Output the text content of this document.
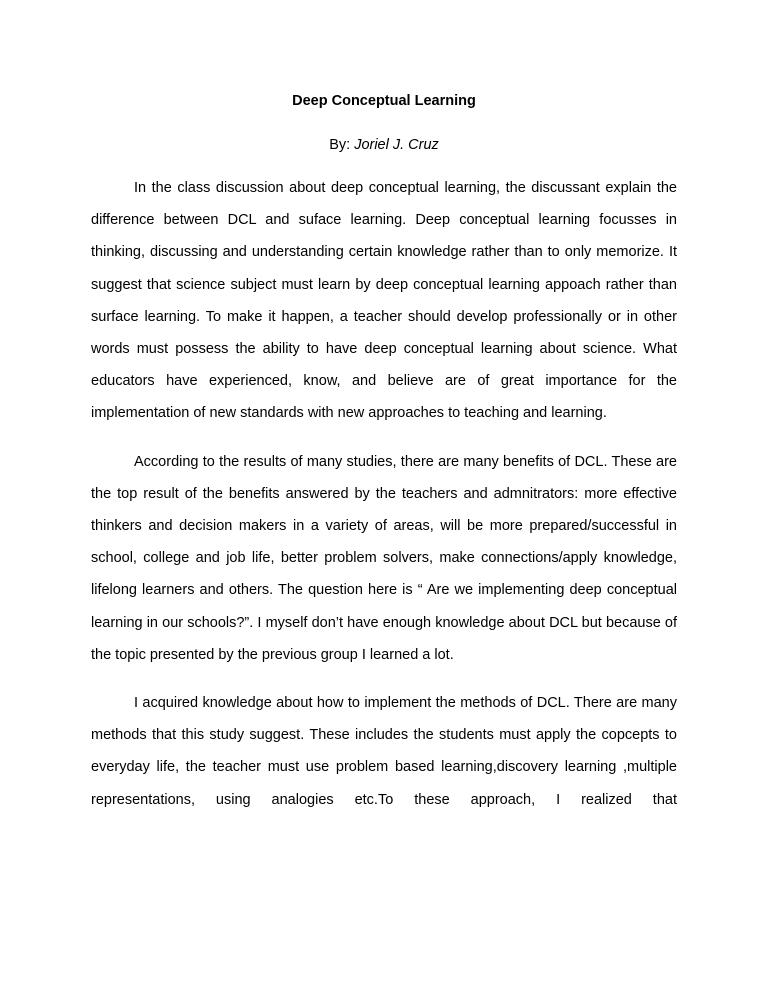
Deep Conceptual Learning
By: Joriel J. Cruz

In the class discussion about deep conceptual learning, the discussant explain the difference between DCL and suface learning. Deep conceptual learning focusses in thinking, discussing and understanding certain knowledge rather than to only memorize. It suggest that science subject must learn by deep conceptual learning appoach rather than surface learning. To make it happen, a teacher should develop professionally or in other words must possess the ability to have deep conceptual learning about science. What educators have experienced, know, and believe are of great importance for the implementation of new standards with new approaches to teaching and learning.

According to the results of many studies, there are many benefits of DCL. These are the top result of the benefits answered by the teachers and admnitrators: more effective thinkers and decision makers in a variety of areas, will be more prepared/successful in school, college and job life, better problem solvers, make connections/apply knowledge, lifelong learners and others. The question here is “ Are we implementing deep conceptual learning in our schools?”. I myself don’t have enough knowledge about DCL but because of the topic presented by the previous group I learned a lot.

I acquired knowledge about how to implement the methods of DCL. There are many methods that this study suggest. These includes the students must apply the copcepts to everyday life, the teacher must use problem based learning,discovery learning ,multiple representations, using analogies etc.To these approach, I realized that
